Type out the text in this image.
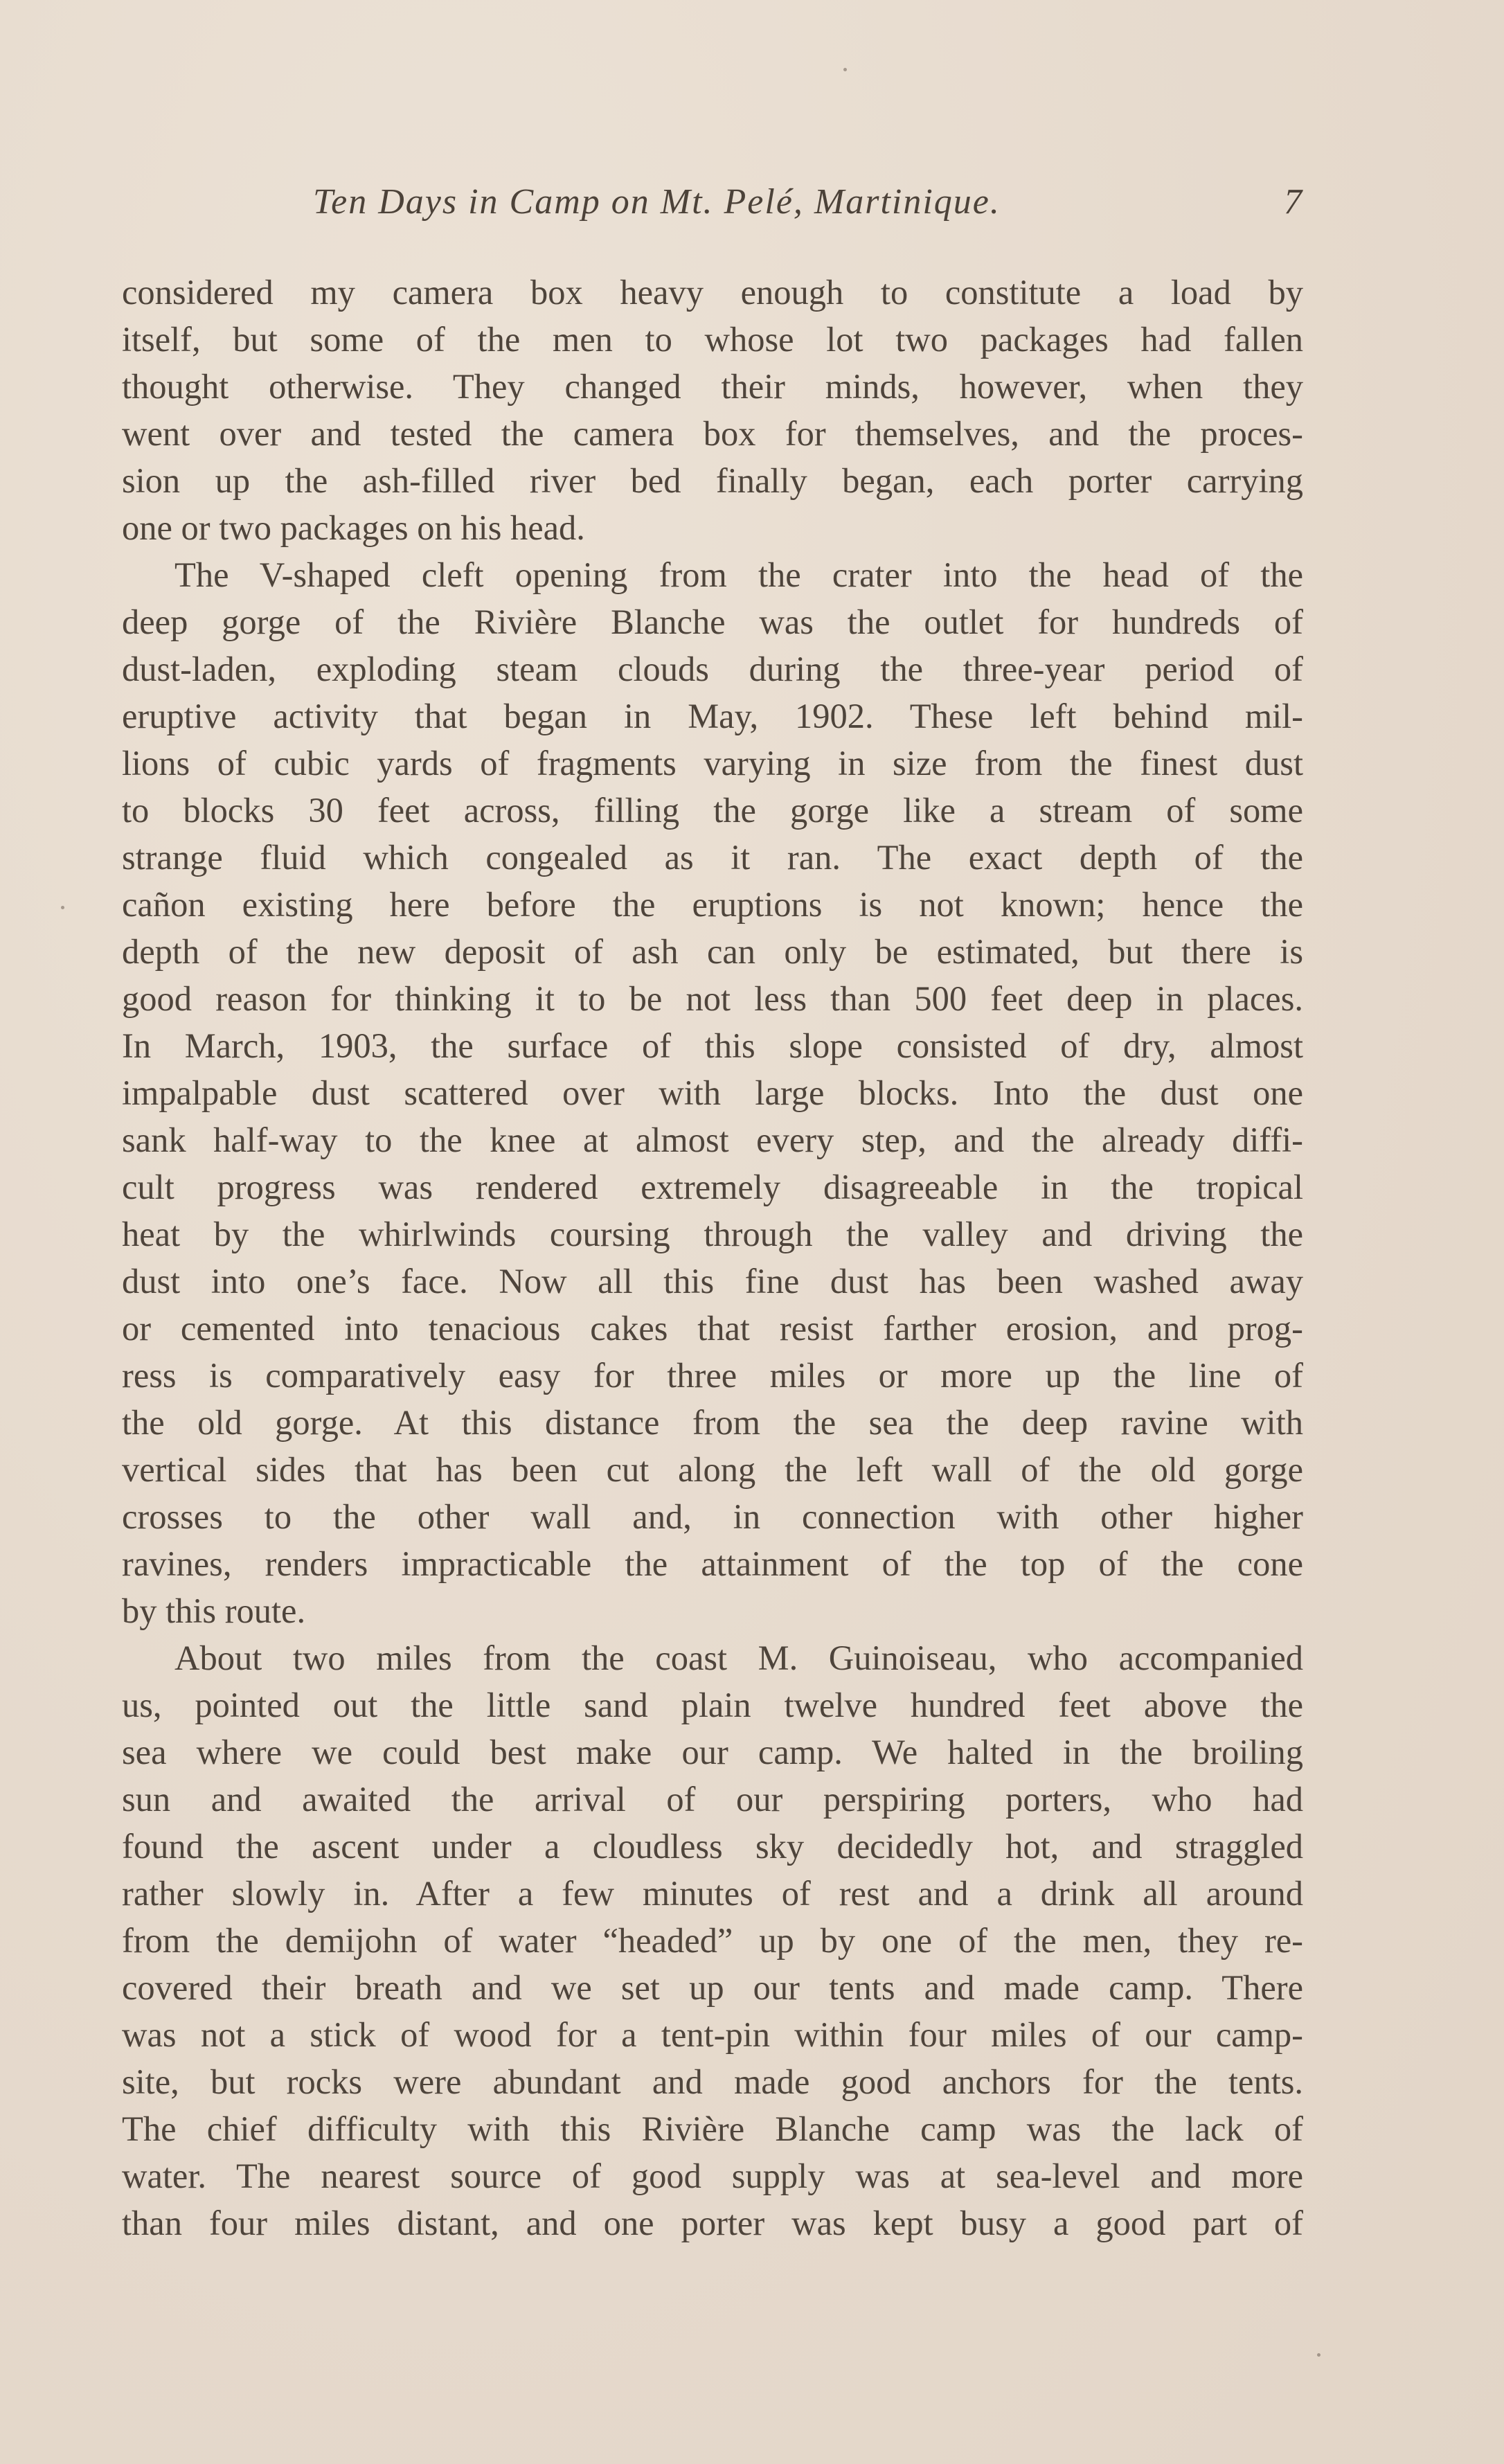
Ten Days in Camp on Mt. Pelé, Martinique.	7

considered my camera box heavy enough to constitute a load by
itself, but some of the men to whose lot two packages had fallen
thought otherwise. They changed their minds, however, when they
went over and tested the camera box for themselves, and the proces-
sion up the ash-filled river bed finally began, each porter carrying
one or two packages on his head.

The V-shaped cleft opening from the crater into the head of the
deep gorge of the Rivière Blanche was the outlet for hundreds of
dust-laden, exploding steam clouds during the three-year period of
eruptive activity that began in May, 1902. These left behind mil-
lions of cubic yards of fragments varying in size from the finest dust
to blocks 30 feet across, filling the gorge like a stream of some
strange fluid which congealed as it ran. The exact depth of the
cañon existing here before the eruptions is not known; hence the
depth of the new deposit of ash can only be estimated, but there is
good reason for thinking it to be not less than 500 feet deep in places.
In March, 1903, the surface of this slope consisted of dry, almost
impalpable dust scattered over with large blocks. Into the dust one
sank half-way to the knee at almost every step, and the already diffi-
cult progress was rendered extremely disagreeable in the tropical
heat by the whirlwinds coursing through the valley and driving the
dust into one’s face. Now all this fine dust has been washed away
or cemented into tenacious cakes that resist farther erosion, and prog-
ress is comparatively easy for three miles or more up the line of
the old gorge. At this distance from the sea the deep ravine with
vertical sides that has been cut along the left wall of the old gorge
crosses to the other wall and, in connection with other higher
ravines, renders impracticable the attainment of the top of the cone
by this route.

About two miles from the coast M. Guinoiseau, who accompanied
us, pointed out the little sand plain twelve hundred feet above the
sea where we could best make our camp. We halted in the broiling
sun and awaited the arrival of our perspiring porters, who had
found the ascent under a cloudless sky decidedly hot, and straggled
rather slowly in. After a few minutes of rest and a drink all around
from the demijohn of water “headed” up by one of the men, they re-
covered their breath and we set up our tents and made camp. There
was not a stick of wood for a tent-pin within four miles of our camp-
site, but rocks were abundant and made good anchors for the tents.
The chief difficulty with this Rivière Blanche camp was the lack of
water. The nearest source of good supply was at sea-level and more
than four miles distant, and one porter was kept busy a good part of
